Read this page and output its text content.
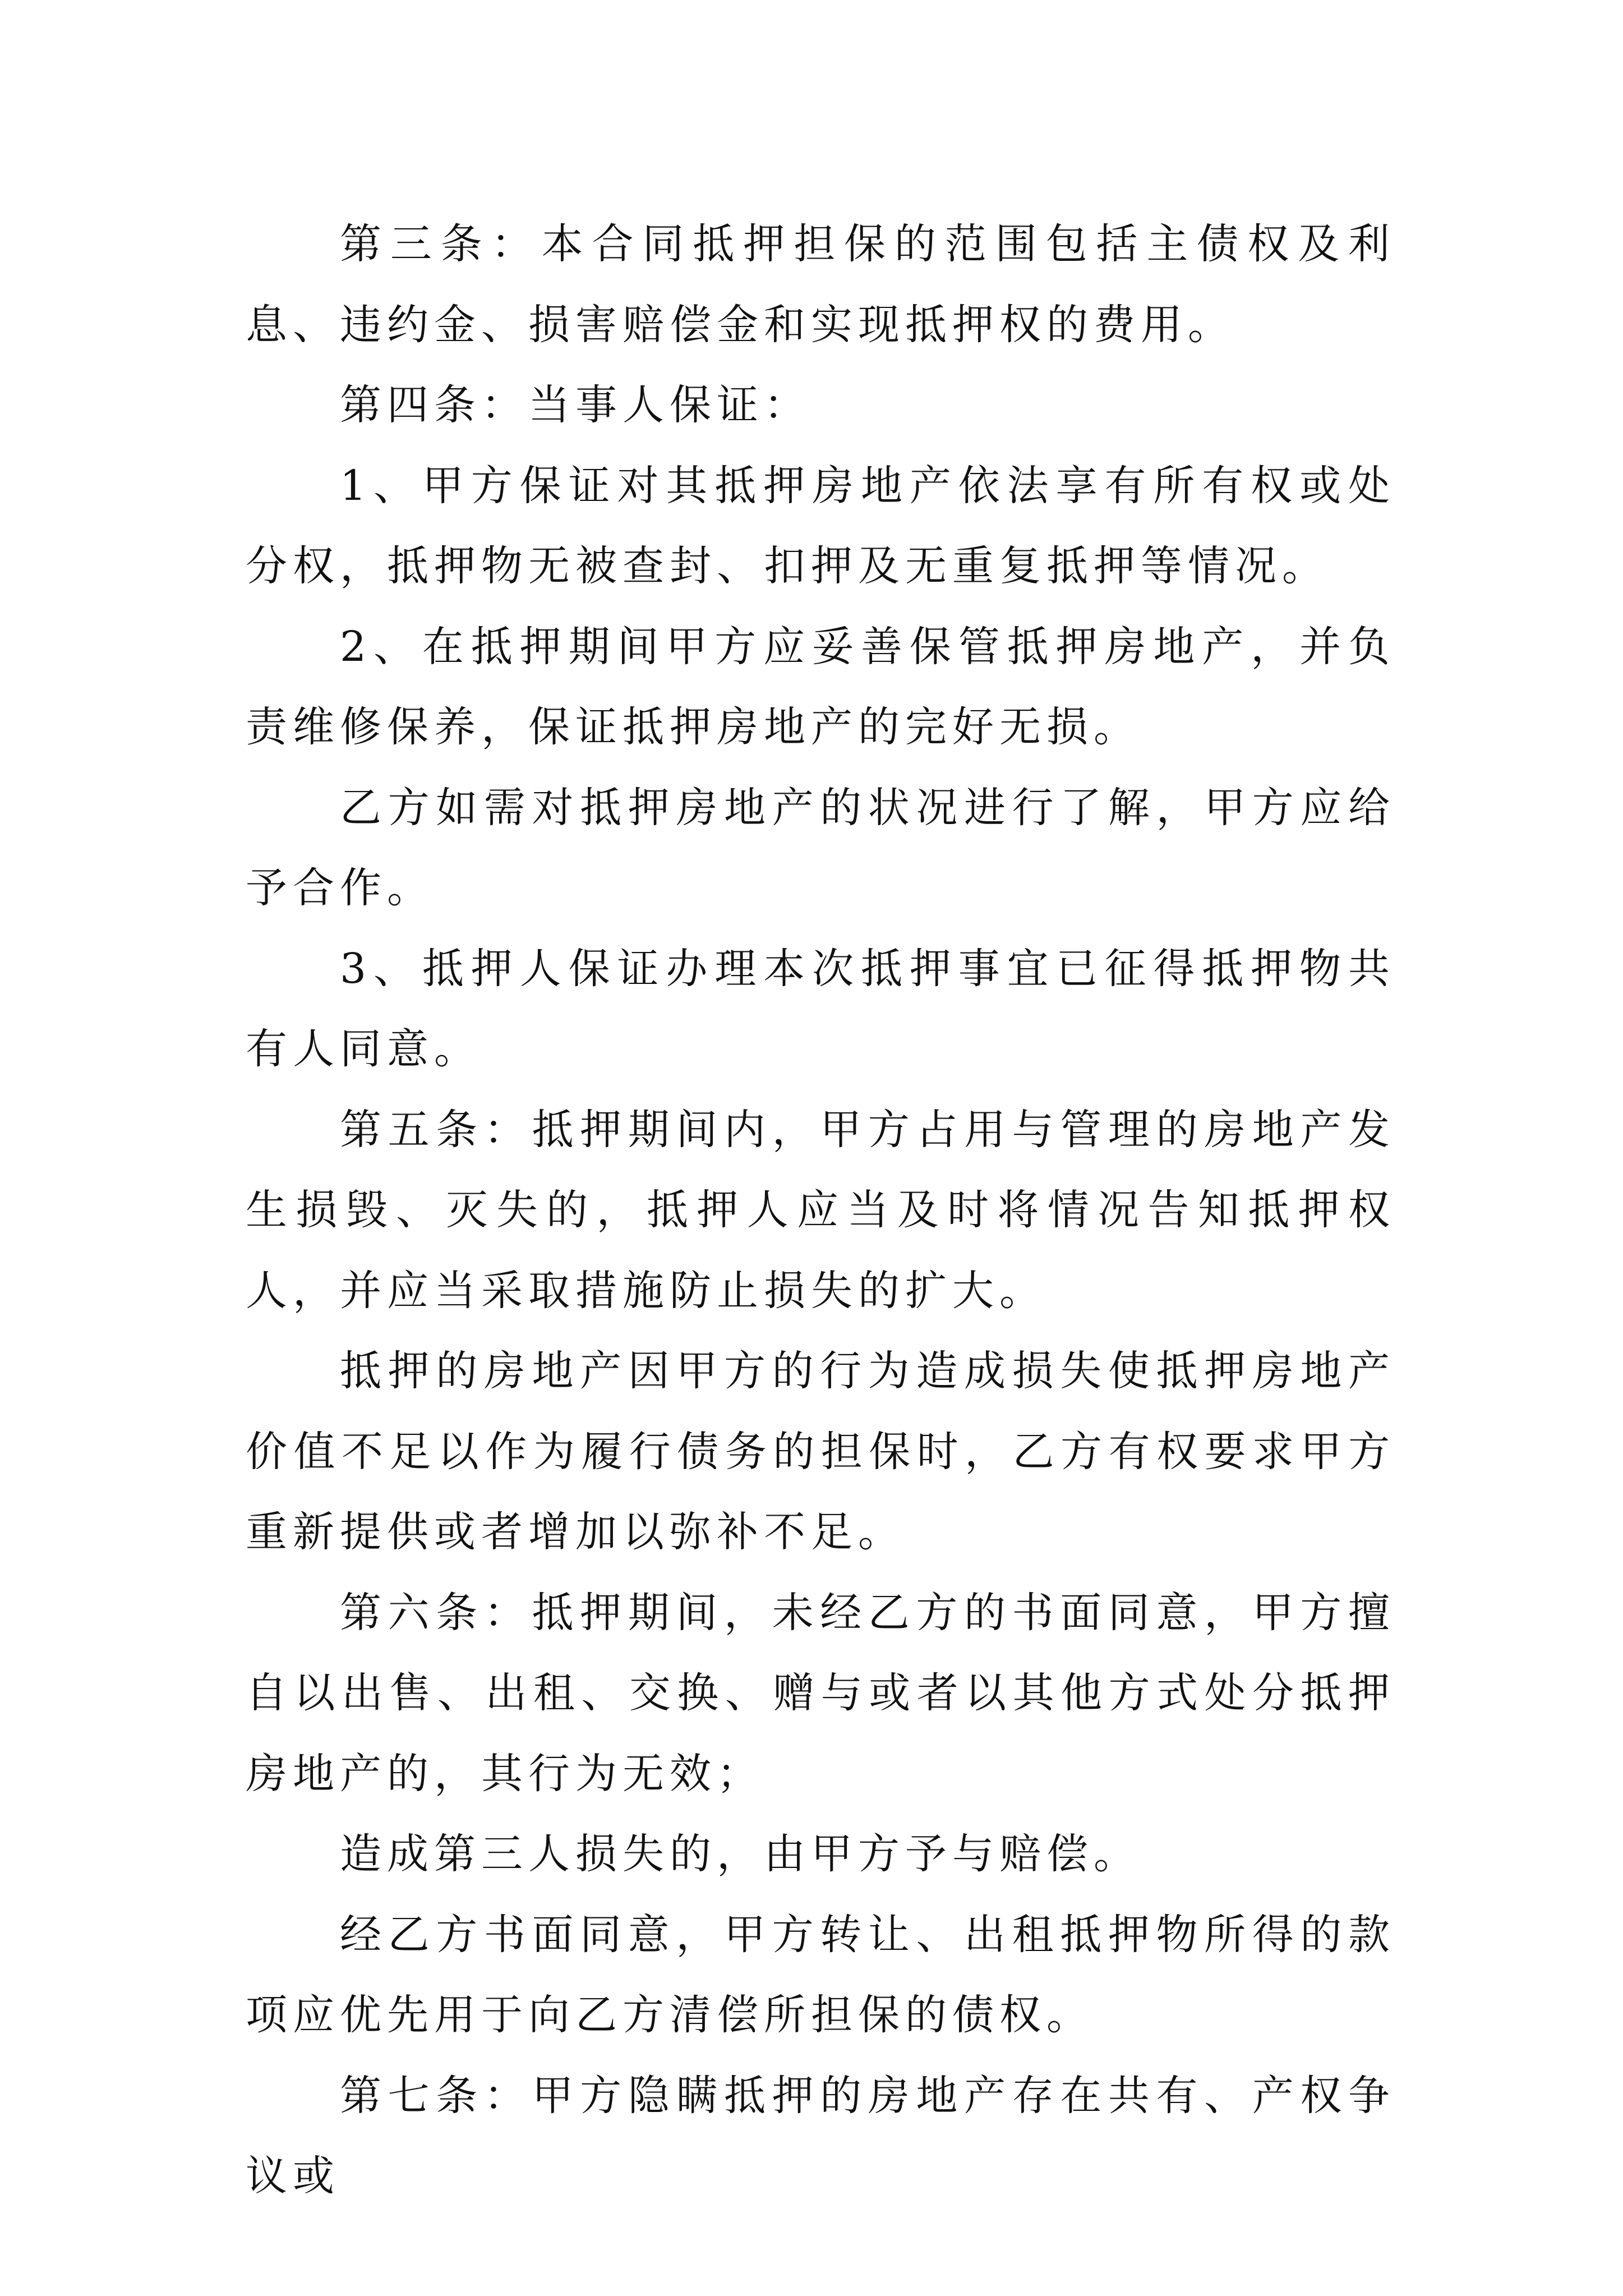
第三条：本合同抵押担保的范围包括主债权及利息、违约金、损害赔偿金和实现抵押权的费用。

第四条：当事人保证：

1、甲方保证对其抵押房地产依法享有所有权或处分权，抵押物无被查封、扣押及无重复抵押等情况。

2、在抵押期间甲方应妥善保管抵押房地产，并负责维修保养，保证抵押房地产的完好无损。

乙方如需对抵押房地产的状况进行了解，甲方应给予合作。

3、抵押人保证办理本次抵押事宜已征得抵押物共有人同意。

第五条：抵押期间内，甲方占用与管理的房地产发生损毁、灭失的，抵押人应当及时将情况告知抵押权人，并应当采取措施防止损失的扩大。

抵押的房地产因甲方的行为造成损失使抵押房地产价值不足以作为履行债务的担保时，乙方有权要求甲方重新提供或者增加以弥补不足。

第六条：抵押期间，未经乙方的书面同意，甲方擅自以出售、出租、交换、赠与或者以其他方式处分抵押房地产的，其行为无效；

造成第三人损失的，由甲方予与赔偿。

经乙方书面同意，甲方转让、出租抵押物所得的款项应优先用于向乙方清偿所担保的债权。

第七条：甲方隐瞒抵押的房地产存在共有、产权争议或
